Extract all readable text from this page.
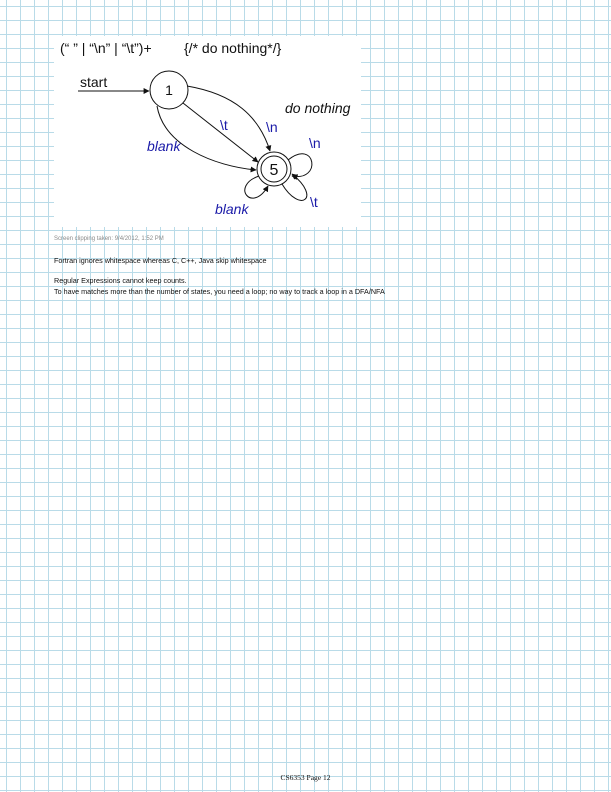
(“ ” | “\n” | “\t”)+ {/* do nothing*/}
start	1
5
do nothing
\n
\t
blank	\n
\t
blank
Screen clipping taken: 9/4/2012, 1:52 PM
Fortran ignores whitespace whereas C, C++, Java skip whitespace
Regular Expressions cannot keep counts.
To have matches more than the number of states, you need a loop; no way to track a loop in a DFA/NFA
CS6353 Page 12
